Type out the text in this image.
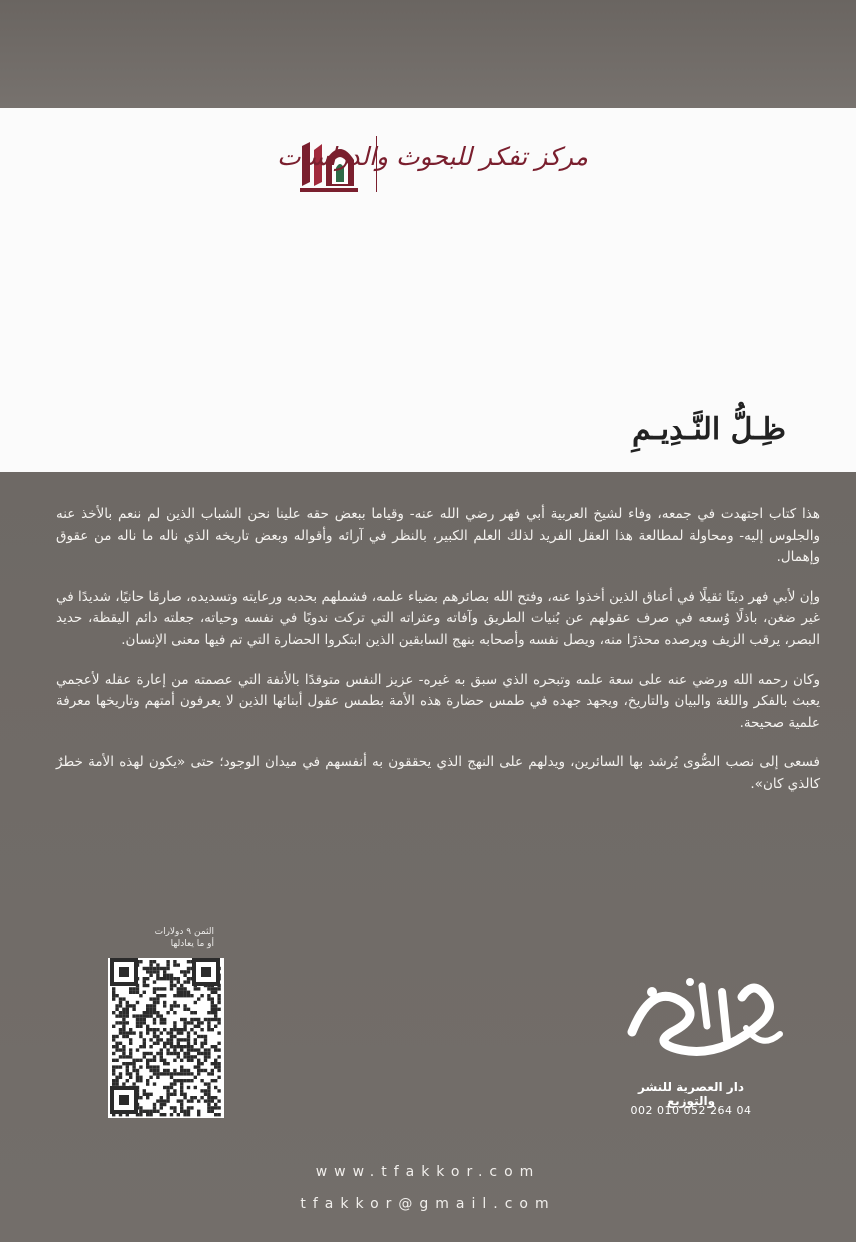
مركز تفكر للبحوث والدراسات
ظِـلُّ النَّـدِيـمِ

هذا كتاب اجتهدت في جمعه، وفاء لشيخ العربية أبي فهر رضي الله عنه- وقياما ببعض حقه علينا نحن الشباب الذين لم ننعم بالأخذ عنه والجلوس إليه- ومحاولة لمطالعة هذا العقل الفريد لذلك العلم الكبير، بالنظر في آرائه وأقواله وبعض تاريخه الذي ناله ما ناله من عقوق وإهمال.

وإن لأبي فهر دينًا ثقيلًا في أعناق الذين أخذوا عنه، وفتح الله بصائرهم بضياء علمه، فشملهم بحدبه ورعايته وتسديده، صارمًا حانيًا، شديدًا في غير ضغن، باذلًا وُسعه في صرف عقولهم عن بُنيات الطريق وآفاته وعثراته التي تركت ندوبًا في نفسه وحياته، جعلته دائم اليقظة، حديد البصر، يرقب الزيف ويرصده محذرًا منه، ويصل نفسه وأصحابه بنهج السابقين الذين ابتكروا الحضارة التي تم فيها معنى الإنسان.

وكان رحمه الله ورضي عنه على سعة علمه وتبحره الذي سبق به غيره- عزيز النفس متوقدًا بالأنفة التي عصمته من إعارة عقله لأعجمي يعبث بالفكر واللغة والبيان والتاريخ، ويجهد جهده في طمس حضارة هذه الأمة بطمس عقول أبنائها الذين لا يعرفون أمتهم وتاريخها معرفة علمية صحيحة.

فسعى إلى نصب الصُّوى يُرشد بها السائرين، ويدلهم على النهج الذي يحققون به أنفسهم في ميدان الوجود؛ حتى «يكون لهذه الأمة خطرٌ كالذي كان».

الثمن ٩ دولارات
أو ما يعادلها
دار العصرية للنشر والتوزيع
002 010 052 264 04
www.tfakkor.com
tfakkor@gmail.com
